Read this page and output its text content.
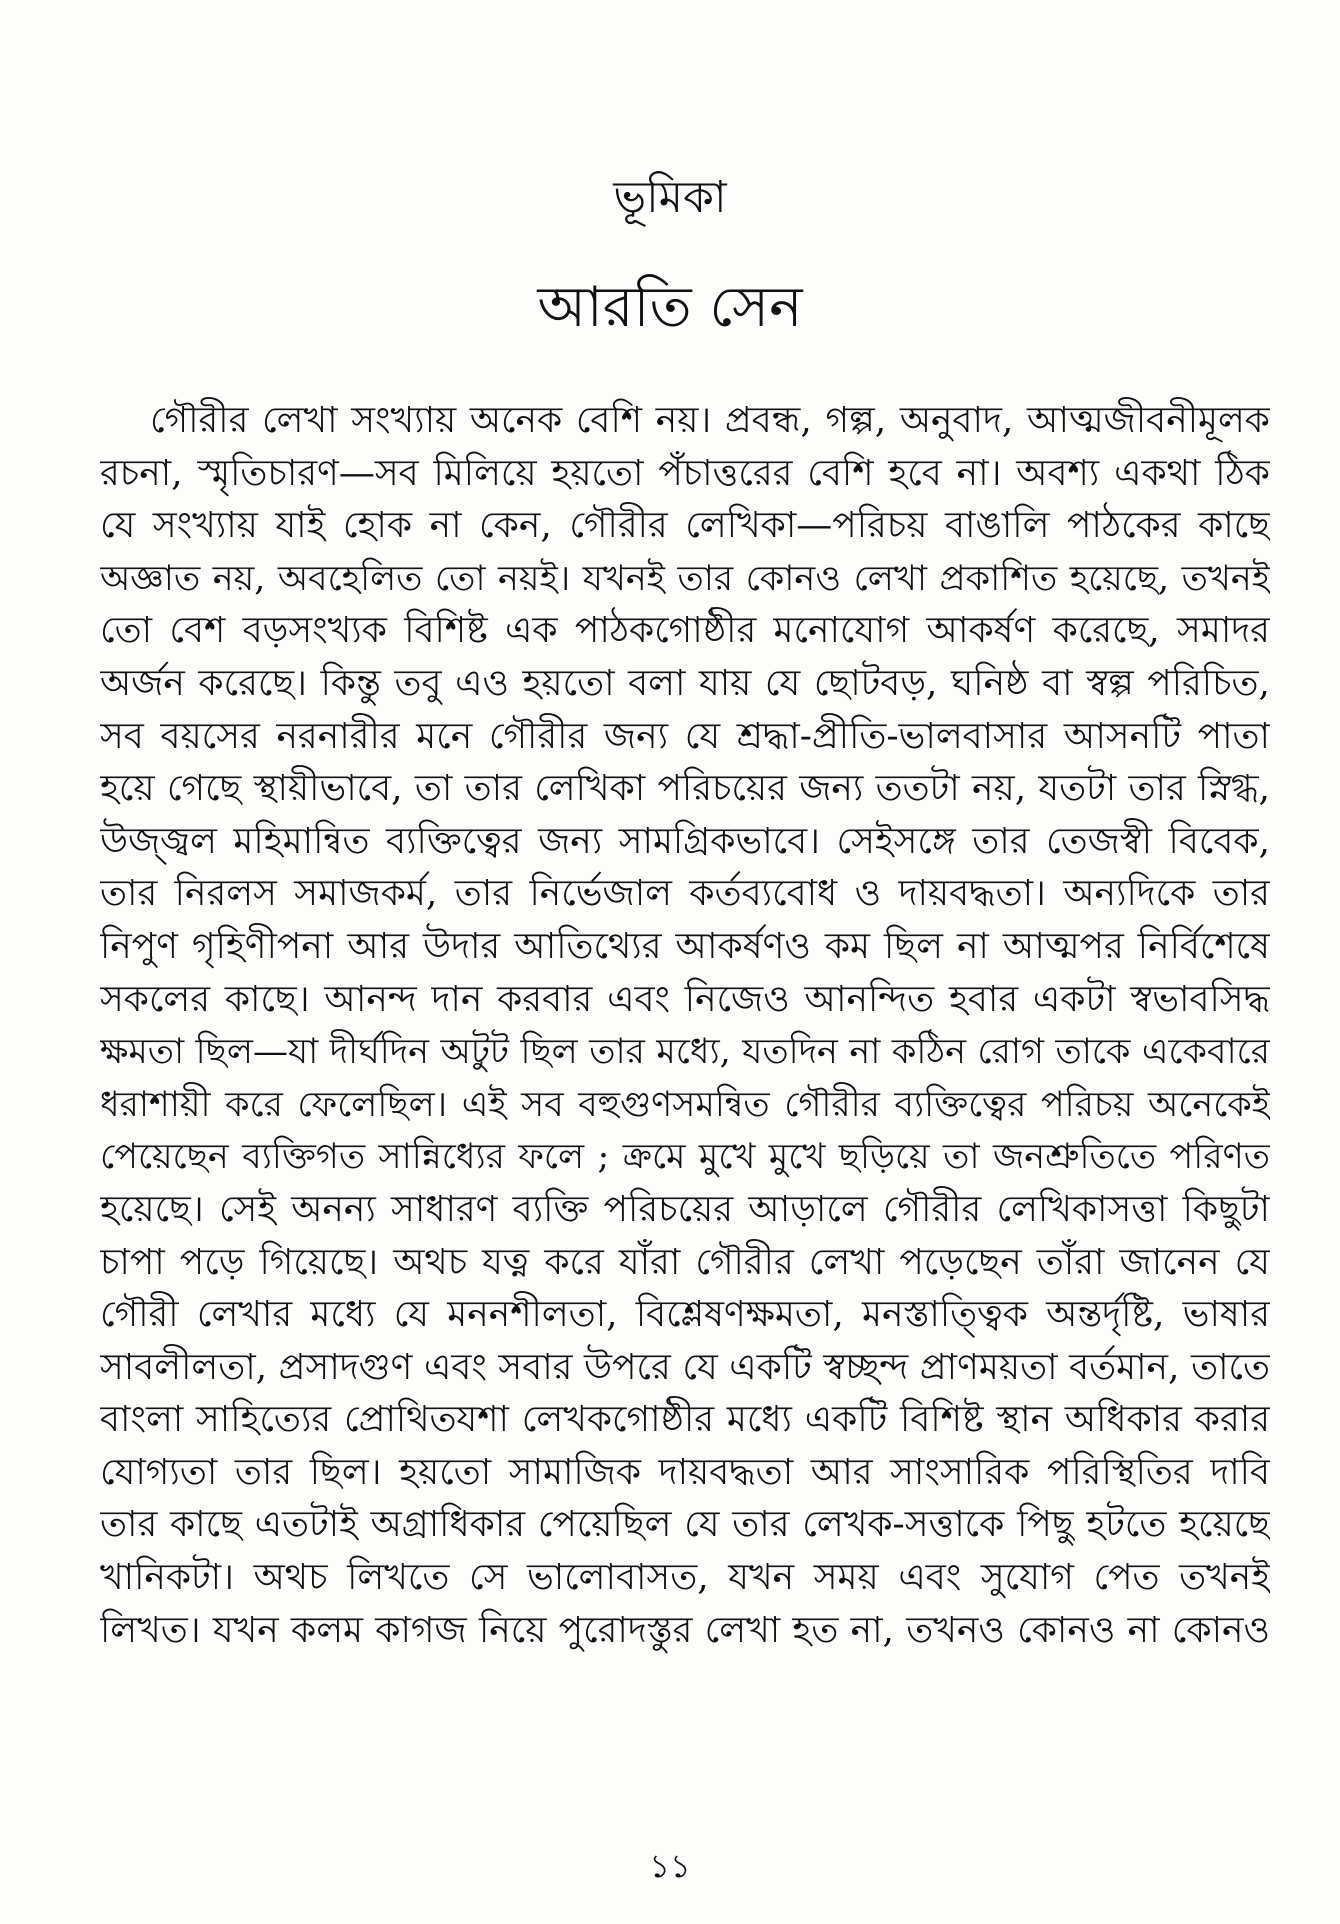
ভূমিকা
আরতি সেন
গৌরীর লেখা সংখ্যায় অনেক বেশি নয়। প্রবন্ধ, গল্প, অনুবাদ, আত্মজীবনীমূলক
রচনা, স্মৃতিচারণ—সব মিলিয়ে হয়তো পঁচাত্তরের বেশি হবে না। অবশ্য একথা ঠিক
যে সংখ্যায় যাই হোক না কেন, গৌরীর লেখিকা—পরিচয় বাঙালি পাঠকের কাছে
অজ্ঞাত নয়, অবহেলিত তো নয়ই। যখনই তার কোনও লেখা প্রকাশিত হয়েছে, তখনই
তো বেশ বড়সংখ্যক বিশিষ্ট এক পাঠকগোষ্ঠীর মনোযোগ আকর্ষণ করেছে, সমাদর
অর্জন করেছে। কিন্তু তবু এও হয়তো বলা যায় যে ছোটবড়, ঘনিষ্ঠ বা স্বল্প পরিচিত,
সব বয়সের নরনারীর মনে গৌরীর জন্য যে শ্রদ্ধা-প্রীতি-ভালবাসার আসনটি পাতা
হয়ে গেছে স্থায়ীভাবে, তা তার লেখিকা পরিচয়ের জন্য ততটা নয়, যতটা তার স্নিগ্ধ,
উজ্জ্বল মহিমান্বিত ব্যক্তিত্বের জন্য সামগ্রিকভাবে। সেইসঙ্গে তার তেজস্বী বিবেক,
তার নিরলস সমাজকর্ম, তার নির্ভেজাল কর্তব্যবোধ ও দায়বদ্ধতা। অন্যদিকে তার
নিপুণ গৃহিণীপনা আর উদার আতিথ্যের আকর্ষণও কম ছিল না আত্মপর নির্বিশেষে
সকলের কাছে। আনন্দ দান করবার এবং নিজেও আনন্দিত হবার একটা স্বভাবসিদ্ধ
ক্ষমতা ছিল—যা দীর্ঘদিন অটুট ছিল তার মধ্যে, যতদিন না কঠিন রোগ তাকে একেবারে
ধরাশায়ী করে ফেলেছিল। এই সব বহুগুণসমন্বিত গৌরীর ব্যক্তিত্বের পরিচয় অনেকেই
পেয়েছেন ব্যক্তিগত সান্নিধ্যের ফলে ; ক্রমে মুখে মুখে ছড়িয়ে তা জনশ্রুতিতে পরিণত
হয়েছে। সেই অনন্য সাধারণ ব্যক্তি পরিচয়ের আড়ালে গৌরীর লেখিকাসত্তা কিছুটা
চাপা পড়ে গিয়েছে। অথচ যত্ন করে যাঁরা গৌরীর লেখা পড়েছেন তাঁরা জানেন যে
গৌরী লেখার মধ্যে যে মননশীলতা, বিশ্লেষণক্ষমতা, মনস্তাত্ত্বিক অন্তর্দৃষ্টি, ভাষার
সাবলীলতা, প্রসাদগুণ এবং সবার উপরে যে একটি স্বচ্ছন্দ প্রাণময়তা বর্তমান, তাতে
বাংলা সাহিত্যের প্রোথিতযশা লেখকগোষ্ঠীর মধ্যে একটি বিশিষ্ট স্থান অধিকার করার
যোগ্যতা তার ছিল। হয়তো সামাজিক দায়বদ্ধতা আর সাংসারিক পরিস্থিতির দাবি
তার কাছে এতটাই অগ্রাধিকার পেয়েছিল যে তার লেখক-সত্তাকে পিছু হটতে হয়েছে
খানিকটা। অথচ লিখতে সে ভালোবাসত, যখন সময় এবং সুযোগ পেত তখনই
লিখত। যখন কলম কাগজ নিয়ে পুরোদস্তুর লেখা হত না, তখনও কোনও না কোনও

১১
